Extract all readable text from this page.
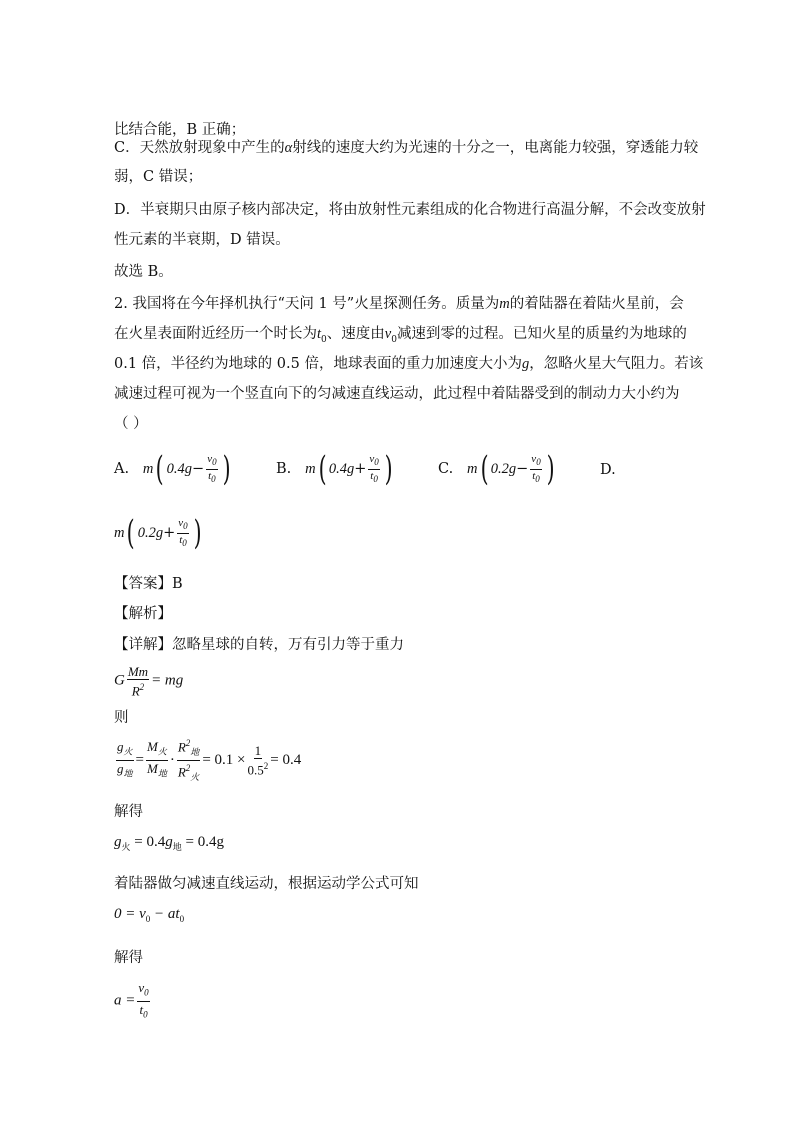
比结合能，B 正确；
C．天然放射现象中产生的α射线的速度大约为光速的十分之一，电离能力较强，穿透能力较
弱，C 错误；
D．半衰期只由原子核内部决定，将由放射性元素组成的化合物进行高温分解，不会改变放射
性元素的半衰期，D 错误。
故选 B。
2. 我国将在今年择机执行“天问 1 号”火星探测任务。质量为m的着陆器在着陆火星前，会
在火星表面附近经历一个时长为$t_0$、速度由$v_0$减速到零的过程。已知火星的质量约为地球的
0.1 倍，半径约为地球的 0.5 倍，地球表面的重力加速度大小为g，忽略火星大气阻力。若该
减速过程可视为一个竖直向下的匀减速直线运动，此过程中着陆器受到的制动力大小约为
（ ）
A. m( $0.4g- \frac{v_0}{t_0}$ )	B. m( $0.4g+ \frac{v_0}{t_0}$ )	C. m( $0.2g- \frac{v_0}{t_0}$ )	D.
m( $0.2g+ \frac{v_0}{t_0}$ )
【答案】B
【解析】
【详解】忽略星球的自转，万有引力等于重力
G $\frac{Mm}{R^2}$ = mg
则
$\frac{g_火}{g_地} = \frac{M_火}{M_地} \cdot \frac{R^2_地}{R^2_火} = 0.1 \times \frac{1}{0.5^2} = 0.4$
解得
$g_火 = 0.4g_地 = 0.4g$
着陆器做匀减速直线运动，根据运动学公式可知
$0 = v_0 - at_0$
解得
$a = \frac{v_0}{t_0}$
